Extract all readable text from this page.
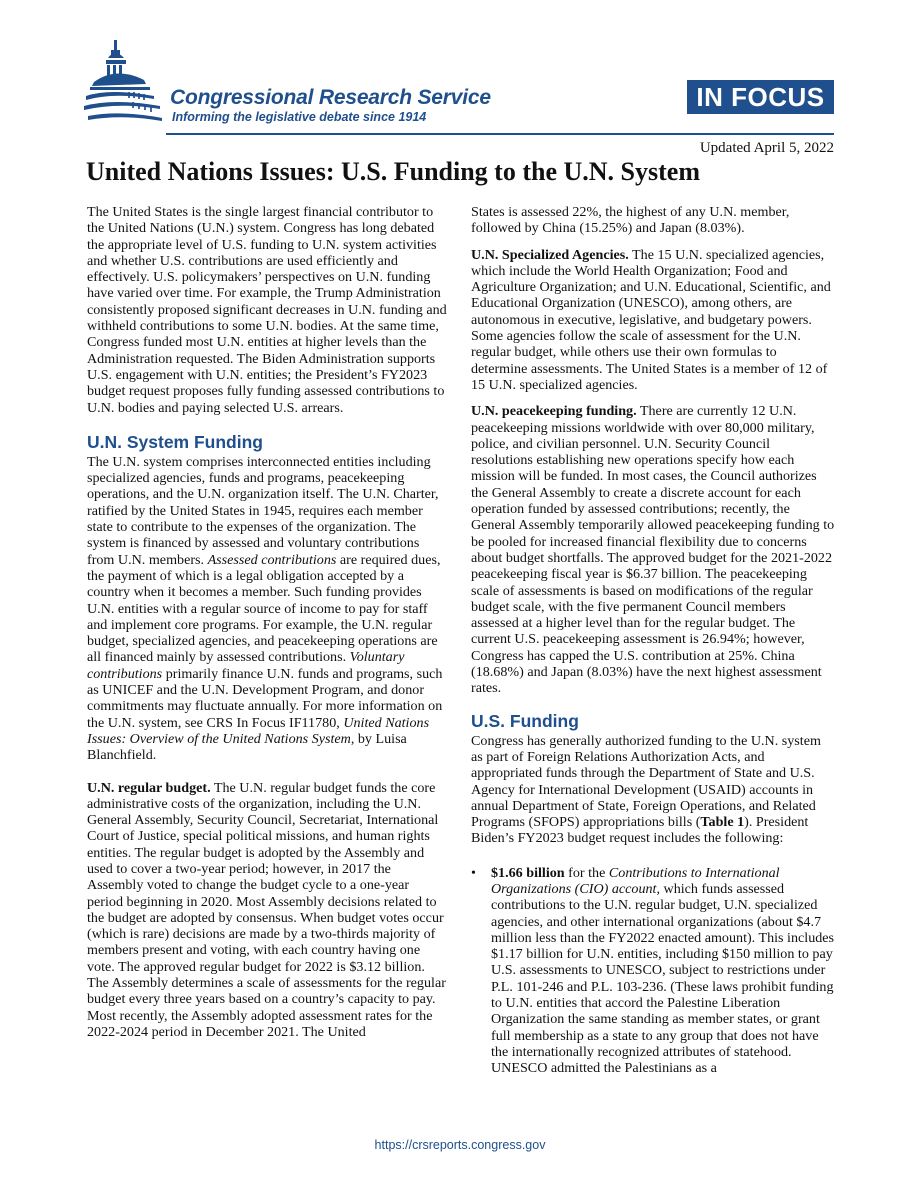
Congressional Research Service
Informing the legislative debate since 1914
IN FOCUS
Updated April 5, 2022
United Nations Issues: U.S. Funding to the U.N. System

The United States is the single largest financial contributor to the United Nations (U.N.) system. Congress has long debated the appropriate level of U.S. funding to U.N. system activities and whether U.S. contributions are used efficiently and effectively. U.S. policymakers’ perspectives on U.N. funding have varied over time. For example, the Trump Administration consistently proposed significant decreases in U.N. funding and withheld contributions to some U.N. bodies. At the same time, Congress funded most U.N. entities at higher levels than the Administration requested. The Biden Administration supports U.S. engagement with U.N. entities; the President’s FY2023 budget request proposes fully funding assessed contributions to U.N. bodies and paying selected U.S. arrears.

U.N. System Funding

The U.N. system comprises interconnected entities including specialized agencies, funds and programs, peacekeeping operations, and the U.N. organization itself. The U.N. Charter, ratified by the United States in 1945, requires each member state to contribute to the expenses of the organization. The system is financed by assessed and voluntary contributions from U.N. members. Assessed contributions are required dues, the payment of which is a legal obligation accepted by a country when it becomes a member. Such funding provides U.N. entities with a regular source of income to pay for staff and implement core programs. For example, the U.N. regular budget, specialized agencies, and peacekeeping operations are all financed mainly by assessed contributions. Voluntary contributions primarily finance U.N. funds and programs, such as UNICEF and the U.N. Development Program, and donor commitments may fluctuate annually. For more information on the U.N. system, see CRS In Focus IF11780, United Nations Issues: Overview of the United Nations System, by Luisa Blanchfield.

U.N. regular budget. The U.N. regular budget funds the core administrative costs of the organization, including the U.N. General Assembly, Security Council, Secretariat, International Court of Justice, special political missions, and human rights entities. The regular budget is adopted by the Assembly and used to cover a two-year period; however, in 2017 the Assembly voted to change the budget cycle to a one-year period beginning in 2020. Most Assembly decisions related to the budget are adopted by consensus. When budget votes occur (which is rare) decisions are made by a two-thirds majority of members present and voting, with each country having one vote. The approved regular budget for 2022 is $3.12 billion. The Assembly determines a scale of assessments for the regular budget every three years based on a country’s capacity to pay. Most recently, the Assembly adopted assessment rates for the 2022-2024 period in December 2021. The United

States is assessed 22%, the highest of any U.N. member, followed by China (15.25%) and Japan (8.03%).

U.N. Specialized Agencies. The 15 U.N. specialized agencies, which include the World Health Organization; Food and Agriculture Organization; and U.N. Educational, Scientific, and Educational Organization (UNESCO), among others, are autonomous in executive, legislative, and budgetary powers. Some agencies follow the scale of assessment for the U.N. regular budget, while others use their own formulas to determine assessments. The United States is a member of 12 of 15 U.N. specialized agencies.

U.N. peacekeeping funding. There are currently 12 U.N. peacekeeping missions worldwide with over 80,000 military, police, and civilian personnel. U.N. Security Council resolutions establishing new operations specify how each mission will be funded. In most cases, the Council authorizes the General Assembly to create a discrete account for each operation funded by assessed contributions; recently, the General Assembly temporarily allowed peacekeeping funding to be pooled for increased financial flexibility due to concerns about budget shortfalls. The approved budget for the 2021-2022 peacekeeping fiscal year is $6.37 billion. The peacekeeping scale of assessments is based on modifications of the regular budget scale, with the five permanent Council members assessed at a higher level than for the regular budget. The current U.S. peacekeeping assessment is 26.94%; however, Congress has capped the U.S. contribution at 25%. China (18.68%) and Japan (8.03%) have the next highest assessment rates.

U.S. Funding

Congress has generally authorized funding to the U.N. system as part of Foreign Relations Authorization Acts, and appropriated funds through the Department of State and U.S. Agency for International Development (USAID) accounts in annual Department of State, Foreign Operations, and Related Programs (SFOPS) appropriations bills (Table 1). President Biden’s FY2023 budget request includes the following:

• $1.66 billion for the Contributions to International Organizations (CIO) account, which funds assessed contributions to the U.N. regular budget, U.N. specialized agencies, and other international organizations (about $4.7 million less than the FY2022 enacted amount). This includes $1.17 billion for U.N. entities, including $150 million to pay U.S. assessments to UNESCO, subject to restrictions under P.L. 101-246 and P.L. 103-236. (These laws prohibit funding to U.N. entities that accord the Palestine Liberation Organization the same standing as member states, or grant full membership as a state to any group that does not have the internationally recognized attributes of statehood. UNESCO admitted the Palestinians as a
https://crsreports.congress.gov
